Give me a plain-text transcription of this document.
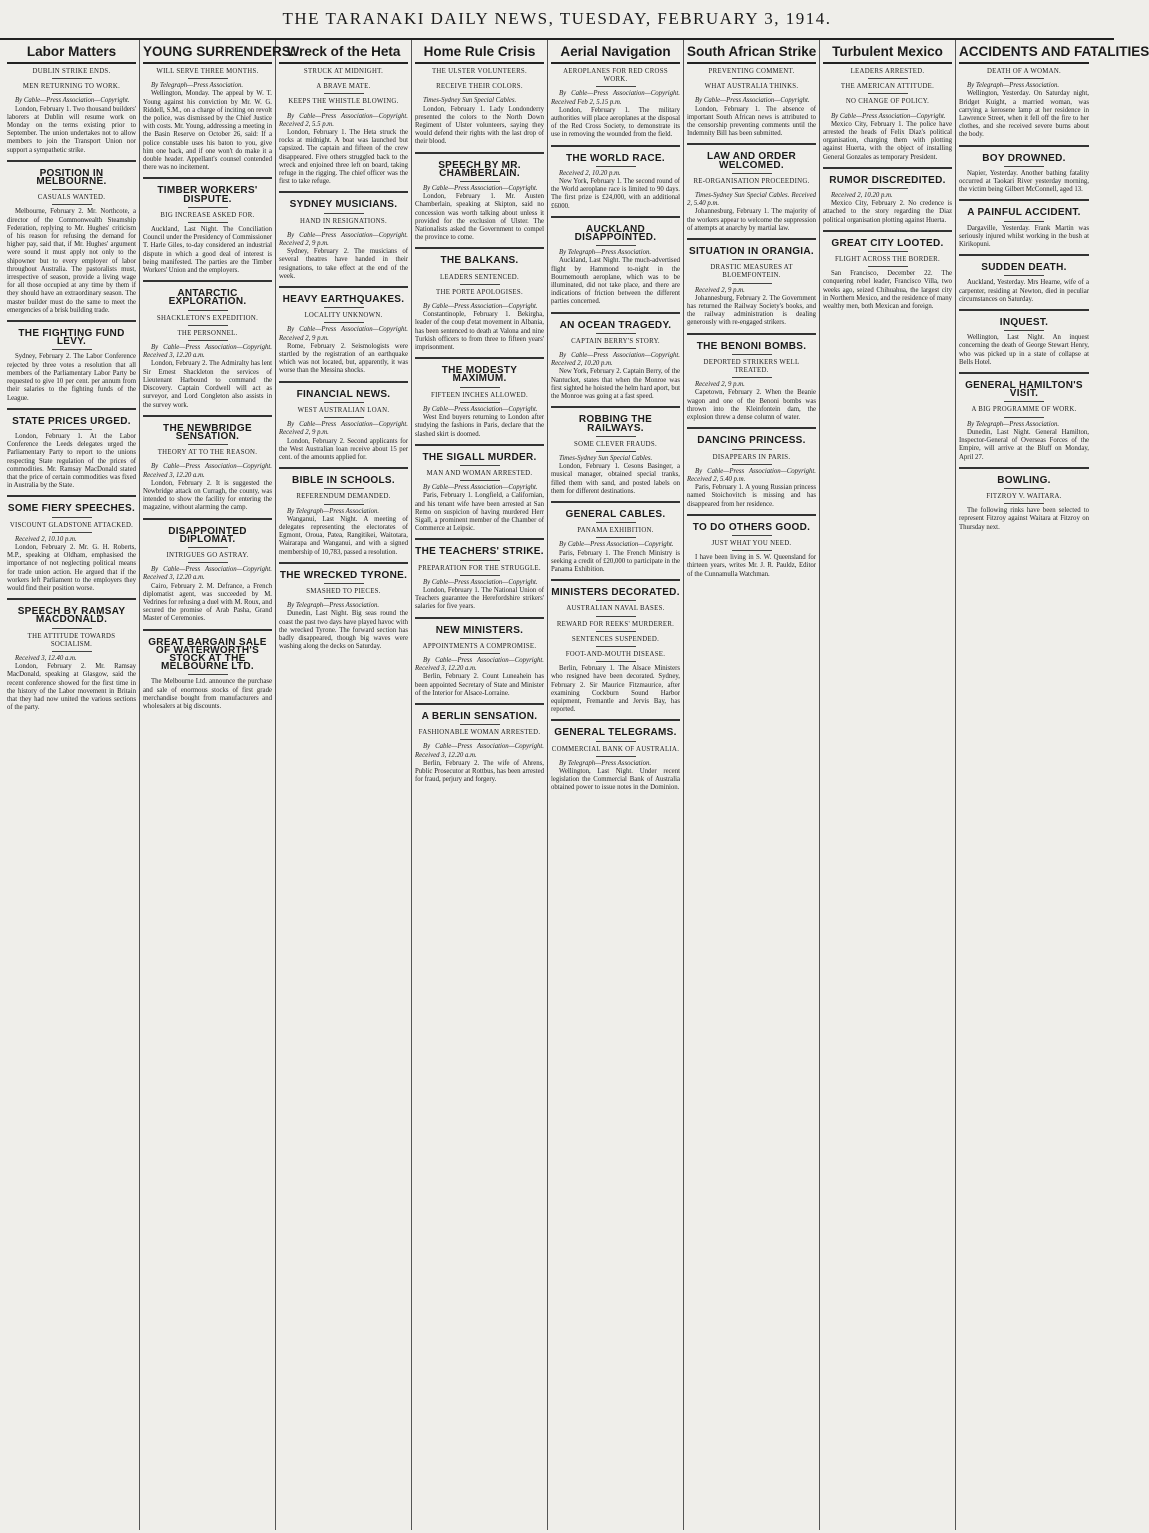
THE TARANAKI DAILY NEWS, TUESDAY, FEBRUARY 3, 1914.
Labor Matters
DUBLIN STRIKE ENDS.
MEN RETURNING TO WORK.

By Cable—Press Association—Copyright.

London, February 1. Two thousand builders' laborers at Dublin will resume work on Monday on the terms existing prior to September. The union undertakes not to allow members to join the Transport Union nor support a sympathetic strike.

POSITION IN MELBOURNE.
CASUALS WANTED.

Melbourne, February 2. Mr. Northcote, a director of the Commonwealth Steamship Federation, replying to Mr. Hughes' criticism of his reason for refusing the demand for higher pay, said that, if Mr. Hughes' argument were sound it must apply not only to the shipowner but to every employer of labor throughout Australia. The pastoralists must, irrespective of season, provide a living wage for all those occupied at any time by them if they should have an extraordinary season. The master builder must do the same to meet the emergencies of a brisk building trade.

THE FIGHTING FUND LEVY.

Sydney, February 2. The Labor Conference rejected by three votes a resolution that all members of the Parliamentary Labor Party be requested to give 10 per cent. per annum from their salaries to the fighting funds of the League.

STATE PRICES URGED.

London, February 1. At the Labor Conference the Leeds delegates urged the Parliamentary Party to report to the unions respecting State regulation of the prices of commodities. Mr. Ramsay MacDonald stated that the price of certain commodities was fixed in Australia by the State.

SOME FIERY SPEECHES.
VISCOUNT GLADSTONE ATTACKED.

Received 2, 10.10 p.m.

London, February 2. Mr. G. H. Roberts, M.P., speaking at Oldham, emphasised the importance of not neglecting political means for trade union action. He argued that if the workers left Parliament to the employers they would find their position worse.

SPEECH BY RAMSAY MACDONALD.
THE ATTITUDE TOWARDS SOCIALISM.

Received 3, 12.40 a.m.

London, February 2. Mr. Ramsay MacDonald, speaking at Glasgow, said the recent conference showed for the first time in the history of the Labor movement in Britain that they had now united the various sections of the party.

YOUNG SURRENDERS.
WILL SERVE THREE MONTHS.

By Telegraph—Press Association.

Wellington, Monday. The appeal by W. T. Young against his conviction by Mr. W. G. Riddell, S.M., on a charge of inciting on revolt the police, was dismissed by the Chief Justice with costs. Mr. Young, addressing a meeting in the Basin Reserve on October 26, said: If a police constable uses his baton to you, give him one back, and if one won't do make it a double header. Appellant's counsel contended there was no incitement.

TIMBER WORKERS' DISPUTE.
BIG INCREASE ASKED FOR.

Auckland, Last Night. The Conciliation Council under the Presidency of Commissioner T. Harle Giles, to-day considered an industrial dispute in which a good deal of interest is being manifested. The parties are the Timber Workers' Union and the employers.

ANTARCTIC EXPLORATION.
SHACKLETON'S EXPEDITION.
THE PERSONNEL.

By Cable—Press Association—Copyright. Received 3, 12.20 a.m.

London, February 2. The Admiralty has lent Sir Ernest Shackleton the services of Lieutenant Harbound to command the Discovery. Captain Cordwell will act as surveyor, and Lord Congleton also assists in the survey work.

THE NEWBRIDGE SENSATION.
THEORY AT TO THE REASON.

By Cable—Press Association—Copyright. Received 3, 12.20 a.m.

London, February 2. It is suggested the Newbridge attack on Curragh, the county, was intended to show the facility for entering the magazine, without alarming the camp.

DISAPPOINTED DIPLOMAT.
INTRIGUES GO ASTRAY.

By Cable—Press Association—Copyright. Received 3, 12.20 a.m.

Cairo, February 2. M. Defrance, a French diplomatist agent, was succeeded by M. Vedrines for refusing a duel with M. Roux, and secured the promise of Arab Pasha, Grand Master of Ceremonies.

GREAT BARGAIN SALE OF WATERWORTH'S STOCK AT THE MELBOURNE LTD.

The Melbourne Ltd. announce the purchase and sale of enormous stocks of first grade merchandise bought from manufacturers and wholesalers at big discounts.

Wreck of the Heta
STRUCK AT MIDNIGHT.
A BRAVE MATE.
KEEPS THE WHISTLE BLOWING.

By Cable—Press Association—Copyright. Received 2, 5.5 p.m.

London, February 1. The Heta struck the rocks at midnight. A boat was launched but capsized. The captain and fifteen of the crew disappeared. Five others struggled back to the wreck and enjoined three left on board, taking refuge in the rigging. The chief officer was the first to take refuge.

SYDNEY MUSICIANS.
HAND IN RESIGNATIONS.

By Cable—Press Association—Copyright. Received 2, 9 p.m.

Sydney, February 2. The musicians of several theatres have handed in their resignations, to take effect at the end of the week.

HEAVY EARTHQUAKES.
LOCALITY UNKNOWN.

By Cable—Press Association—Copyright. Received 2, 9 p.m.

Rome, February 2. Seismologists were startled by the registration of an earthquake which was not located, but, apparently, it was worse than the Messina shocks.

FINANCIAL NEWS.
WEST AUSTRALIAN LOAN.

By Cable—Press Association—Copyright. Received 2, 9 p.m.

London, February 2. Second applicants for the West Australian loan receive about 15 per cent. of the amounts applied for.

BIBLE IN SCHOOLS.
REFERENDUM DEMANDED.

By Telegraph—Press Association.

Wanganui, Last Night. A meeting of delegates representing the electorates of Egmont, Oroua, Patea, Rangitikei, Waitotara, Wairarapa and Wanganui, and with a signed membership of 10,783, passed a resolution.

THE WRECKED TYRONE.
SMASHED TO PIECES.

By Telegraph—Press Association.

Dunedin, Last Night. Big seas round the coast the past two days have played havoc with the wrecked Tyrone. The forward section has badly disappeared, though big waves were washing along the decks on Saturday.

Home Rule Crisis
THE ULSTER VOLUNTEERS.
RECEIVE THEIR COLORS.

Times-Sydney Sun Special Cables.

London, February 1. Lady Londonderry presented the colors to the North Down Regiment of Ulster volunteers, saying they would defend their rights with the last drop of their blood.

SPEECH BY MR. CHAMBERLAIN.

By Cable—Press Association—Copyright.

London, February 1. Mr. Austen Chamberlain, speaking at Skipton, said no concession was worth talking about unless it provided for the exclusion of Ulster. The Nationalists asked the Government to compel the province to come.

THE BALKANS.
LEADERS SENTENCED.
THE PORTE APOLOGISES.

By Cable—Press Association—Copyright.

Constantinople, February 1. Bekirgha, leader of the coup d'etat movement in Albania, has been sentenced to death at Valona and nine Turkish officers to from three to fifteen years' imprisonment.

THE MODESTY MAXIMUM.
FIFTEEN INCHES ALLOWED.

By Cable—Press Association—Copyright.

West End buyers returning to London after studying the fashions in Paris, declare that the slashed skirt is doomed.

THE SIGALL MURDER.
MAN AND WOMAN ARRESTED.

By Cable—Press Association—Copyright.

Paris, February 1. Longfield, a Californian, and his tenant wife have been arrested at San Remo on suspicion of having murdered Herr Sigall, a prominent member of the Chamber of Commerce at Leipsic.

THE TEACHERS' STRIKE.
PREPARATION FOR THE STRUGGLE.

By Cable—Press Association—Copyright.

London, February 1. The National Union of Teachers guarantee the Herefordshire strikers' salaries for five years.

NEW MINISTERS.
APPOINTMENTS A COMPROMISE.

By Cable—Press Association—Copyright. Received 3, 12.20 a.m.

Berlin, February 2. Count Luneahein has been appointed Secretary of State and Minister of the Interior for Alsace-Lorraine.

A BERLIN SENSATION.
FASHIONABLE WOMAN ARRESTED.

By Cable—Press Association—Copyright. Received 3, 12.20 a.m.

Berlin, February 2. The wife of Ahrens, Public Prosecutor at Rottbus, has been arrested for fraud, perjury and forgery.

Aerial Navigation
AEROPLANES FOR RED CROSS WORK.

By Cable—Press Association—Copyright. Received Feb 2, 5.15 p.m.

London, February 1. The military authorities will place aeroplanes at the disposal of the Red Cross Society, to demonstrate its use in removing the wounded from the field.

THE WORLD RACE.

Received 2, 10.20 p.m.

New York, February 1. The second round of the World aeroplane race is limited to 90 days. The first prize is £24,000, with an additional £6000.

AUCKLAND DISAPPOINTED.

By Telegraph—Press Association.

Auckland, Last Night. The much-advertised flight by Hammond to-night in the Bournemouth aeroplane, which was to be illuminated, did not take place, and there are indications of friction between the different parties concerned.

AN OCEAN TRAGEDY.
CAPTAIN BERRY'S STORY.

By Cable—Press Association—Copyright. Received 2, 10.20 p.m.

New York, February 2. Captain Berry, of the Nantucket, states that when the Monroe was first sighted he hoisted the helm hard aport, but the Monroe was going at a fast speed.

ROBBING THE RAILWAYS.
SOME CLEVER FRAUDS.

Times-Sydney Sun Special Cables.

London, February 1. Cesons Basinger, a musical manager, obtained special tranks, filled them with sand, and posted labels on them for different destinations.

GENERAL CABLES.
PANAMA EXHIBITION.

By Cable—Press Association—Copyright.

Paris, February 1. The French Ministry is seeking a credit of £20,000 to participate in the Panama Exhibition.

MINISTERS DECORATED.
AUSTRALIAN NAVAL BASES.
REWARD FOR REEKS' MURDERER.
SENTENCES SUSPENDED.
FOOT-AND-MOUTH DISEASE.

Berlin, February 1. The Alsace Ministers who resigned have been decorated. Sydney, February 2. Sir Maurice Fitzmaurice, after examining Cockburn Sound Harbor equipment, Fremantle and Jervis Bay, has reported.

GENERAL TELEGRAMS.
COMMERCIAL BANK OF AUSTRALIA.

By Telegraph—Press Association.

Wellington, Last Night. Under recent legislation the Commercial Bank of Australia obtained power to issue notes in the Dominion.

South African Strike
PREVENTING COMMENT.
WHAT AUSTRALIA THINKS.

By Cable—Press Association—Copyright.

London, February 1. The absence of important South African news is attributed to the censorship preventing comments until the Indemnity Bill has been submitted.

LAW AND ORDER WELCOMED.
RE-ORGANISATION PROCEEDING.

Times-Sydney Sun Special Cables. Received 2, 5.40 p.m.

Johannesburg, February 1. The majority of the workers appear to welcome the suppression of attempts at anarchy by martial law.

SITUATION IN ORANGIA.
DRASTIC MEASURES AT BLOEMFONTEIN.

Received 2, 9 p.m.

Johannesburg, February 2. The Government has returned the Railway Society's books, and the railway administration is dealing generously with re-engaged strikers.

THE BENONI BOMBS.
DEPORTED STRIKERS WELL TREATED.

Received 2, 9 p.m.

Capetown, February 2. When the Beanie wagon and one of the Benoni bombs was thrown into the Kleinfontein dam, the explosion threw a dense column of water.

DANCING PRINCESS.
DISAPPEARS IN PARIS.

By Cable—Press Association—Copyright. Received 2, 5.40 p.m.

Paris, February 1. A young Russian princess named Stoichovitch is missing and has disappeared from her residence.

TO DO OTHERS GOOD.
JUST WHAT YOU NEED.

I have been living in S. W. Queensland for thirteen years, writes Mr. J. R. Pauldz, Editor of the Cunnamulla Watchman.

Turbulent Mexico
LEADERS ARRESTED.
THE AMERICAN ATTITUDE.
NO CHANGE OF POLICY.

By Cable—Press Association—Copyright.

Mexico City, February 1. The police have arrested the heads of Felix Diaz's political organisation, charging them with plotting against Huerta, with the object of installing General Gonzales as temporary President.

RUMOR DISCREDITED.

Received 2, 10.20 p.m.

Mexico City, February 2. No credence is attached to the story regarding the Diaz political organisation plotting against Huerta.

GREAT CITY LOOTED.
FLIGHT ACROSS THE BORDER.

San Francisco, December 22. The conquering rebel leader, Francisco Villa, two weeks ago, seized Chihuahua, the largest city in Northern Mexico, and the residence of many wealthy men, both Mexican and foreign.

ACCIDENTS AND FATALITIES
DEATH OF A WOMAN.

By Telegraph—Press Association.

Wellington, Yesterday. On Saturday night, Bridget Kuight, a married woman, was carrying a kerosene lamp at her residence in Lawrence Street, when it fell off the fire to her clothes, and she received severe burns about the body.

BOY DROWNED.

Napier, Yesterday. Another bathing fatality occurred at Taokari River yesterday morning, the victim being Gilbert McConnell, aged 13.

A PAINFUL ACCIDENT.

Dargaville, Yesterday. Frank Martin was seriously injured whilst working in the bush at Kirikopuni.

SUDDEN DEATH.

Auckland, Yesterday. Mrs Hearne, wife of a carpenter, residing at Newton, died in peculiar circumstances on Saturday.

INQUEST.

Wellington, Last Night. An inquest concerning the death of George Stewart Henry, who was picked up in a state of collapse at Bells Hotel.

GENERAL HAMILTON'S VISIT.
A BIG PROGRAMME OF WORK.

By Telegraph—Press Association.

Dunedin, Last Night. General Hamilton, Inspector-General of Overseas Forces of the Empire, will arrive at the Bluff on Monday, April 27.

BOWLING.
FITZROY V. WAITARA.

The following rinks have been selected to represent Fitzroy against Waitara at Fitzroy on Thursday next.
